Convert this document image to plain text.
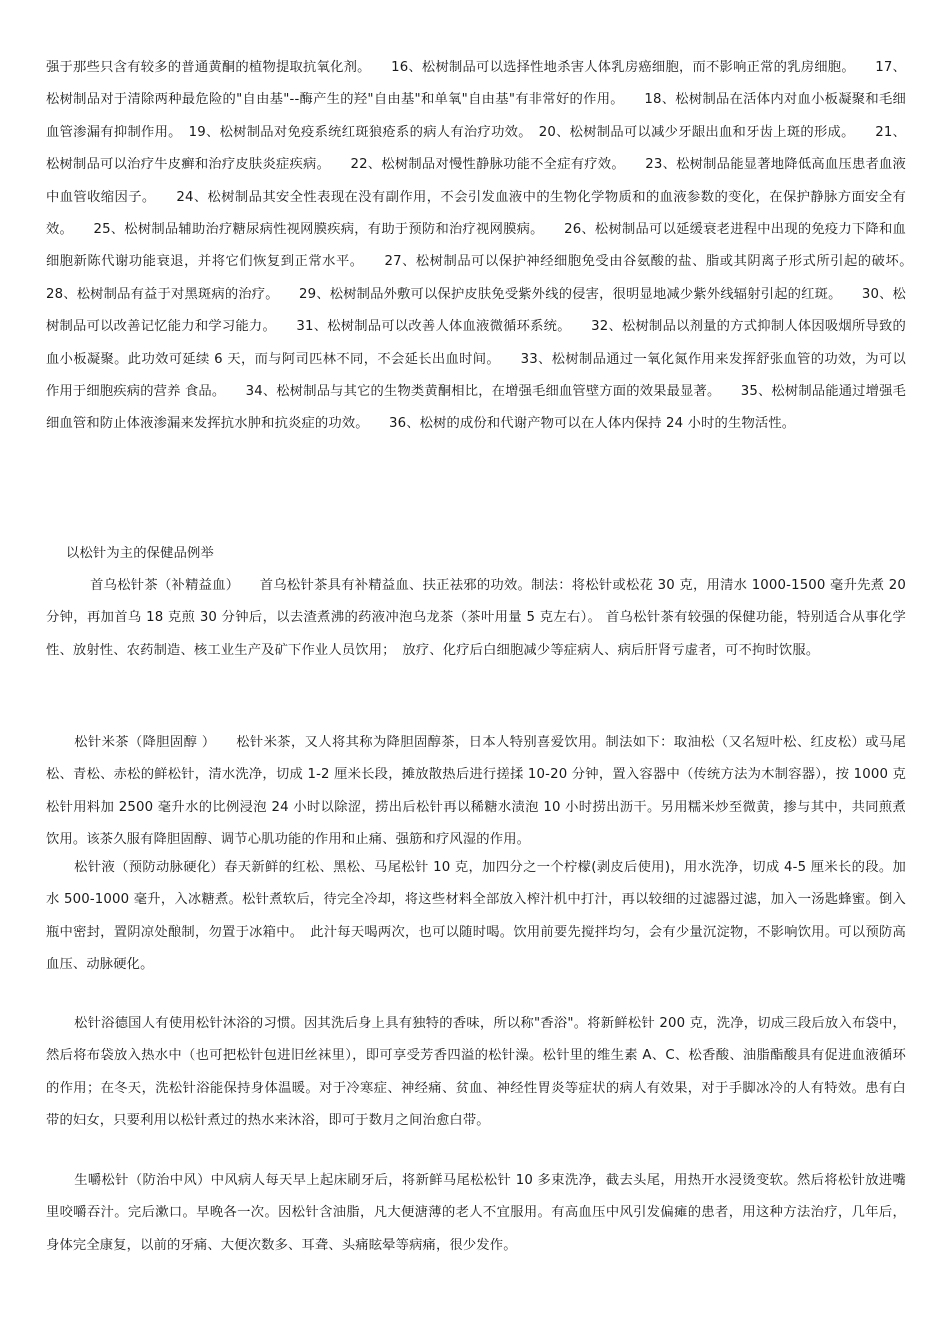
强于那些只含有较多的普通黄酮的植物提取抗氧化剂。　　16、松树制品可以选择性地杀害人体乳房癌细胞，而不影响正常的乳房细胞。　　17、松树制品对于清除两种最危险的"自由基"--酶产生的羟"自由基"和单氧"自由基"有非常好的作用。　　18、松树制品在活体内对血小板凝聚和毛细血管渗漏有抑制作用。　19、松树制品对免疫系统红斑狼疮系的病人有治疗功效。　20、松树制品可以减少牙龈出血和牙齿上斑的形成。　　21、松树制品可以治疗牛皮癣和治疗皮肤炎症疾病。　　22、松树制品对慢性静脉功能不全症有疗效。　　23、松树制品能显著地降低高血压患者血液中血管收缩因子。　　24、松树制品其安全性表现在没有副作用，不会引发血液中的生物化学物质和的血液参数的变化，在保护静脉方面安全有效。　　25、松树制品辅助治疗糖尿病性视网膜疾病，有助于预防和治疗视网膜病。　　26、松树制品可以延缓衰老进程中出现的免疫力下降和血细胞新陈代谢功能衰退，并将它们恢复到正常水平。　　27、松树制品可以保护神经细胞免受由谷氨酸的盐、脂或其阴离子形式所引起的破坏。　28、松树制品有益于对黑斑病的治疗。　　29、松树制品外敷可以保护皮肤免受紫外线的侵害，很明显地减少紫外线辐射引起的红斑。　　30、松树制品可以改善记忆能力和学习能力。　　31、松树制品可以改善人体血液微循环系统。　　32、松树制品以剂量的方式抑制人体因吸烟所导致的血小板凝聚。此功效可延续 6 天，而与阿司匹林不同，不会延长出血时间。　　33、松树制品通过一氧化氮作用来发挥舒张血管的功效，为可以作用于细胞疾病的营养 食品。　　34、松树制品与其它的生物类黄酮相比，在增强毛细血管壁方面的效果最显著。　　35、松树制品能通过增强毛细血管和防止体液渗漏来发挥抗水肿和抗炎症的功效。　　36、松树的成份和代谢产物可以在人体内保持 24 小时的生物活性。

以松针为主的保健品例举

首乌松针茶（补精益血）　　首乌松针茶具有补精益血、扶正祛邪的功效。制法：将松针或松花 30 克，用清水 1000-1500 毫升先煮 20 分钟，再加首乌 18 克煎 30 分钟后，以去渣煮沸的药液冲泡乌龙茶（茶叶用量 5 克左右）。 首乌松针茶有较强的保健功能，特别适合从事化学性、放射性、农药制造、核工业生产及矿下作业人员饮用；　放疗、化疗后白细胞减少等症病人、病后肝肾亏虚者，可不拘时饮服。

松针米茶（降胆固醇 ）　　松针米茶，又人将其称为降胆固醇茶，日本人特别喜爱饮用。制法如下：取油松（又名短叶松、红皮松）或马尾松、青松、赤松的鲜松针，清水洗净，切成 1-2 厘米长段，摊放散热后进行搓揉 10-20 分钟，置入容器中（传统方法为木制容器），按 1000 克松针用料加 2500 毫升水的比例浸泡 24 小时以除涩，捞出后松针再以稀糖水渍泡 10 小时捞出沥干。另用糯米炒至微黄，掺与其中，共同煎煮饮用。该茶久服有降胆固醇、调节心肌功能的作用和止痛、强筋和疗风湿的作用。

松针液（预防动脉硬化）春天新鲜的红松、黑松、马尾松针 10 克，加四分之一个柠檬(剥皮后使用)，用水洗净，切成 4-5 厘米长的段。加水 500-1000 毫升，入冰糖煮。松针煮软后，待完全冷却，将这些材料全部放入榨汁机中打汁，再以较细的过滤器过滤，加入一汤匙蜂蜜。倒入瓶中密封，置阴凉处酿制，勿置于冰箱中。　此汁每天喝两次，也可以随时喝。饮用前要先搅拌均匀，会有少量沉淀物，不影响饮用。可以预防高血压、动脉硬化。

松针浴德国人有使用松针沐浴的习惯。因其洗后身上具有独特的香味，所以称"香浴"。将新鲜松针 200 克，洗净，切成三段后放入布袋中，然后将布袋放入热水中（也可把松针包进旧丝袜里），即可享受芳香四溢的松针澡。松针里的维生素 A、C、松香酸、油脂酯酸具有促进血液循环的作用；在冬天，洗松针浴能保持身体温暖。对于冷寒症、神经痛、贫血、神经性胃炎等症状的病人有效果，对于手脚冰冷的人有特效。患有白带的妇女，只要利用以松针煮过的热水来沐浴，即可于数月之间治愈白带。

生嚼松针（防治中风）中风病人每天早上起床刷牙后，将新鲜马尾松松针 10 多束洗净，截去头尾，用热开水浸烫变软。然后将松针放进嘴里咬嚼吞汁。完后漱口。早晚各一次。因松针含油脂，凡大便溏薄的老人不宜服用。有高血压中风引发偏瘫的患者，用这种方法治疗，几年后，身体完全康复，以前的牙痛、大便次数多、耳聋、头痛眩晕等病痛，很少发作。
